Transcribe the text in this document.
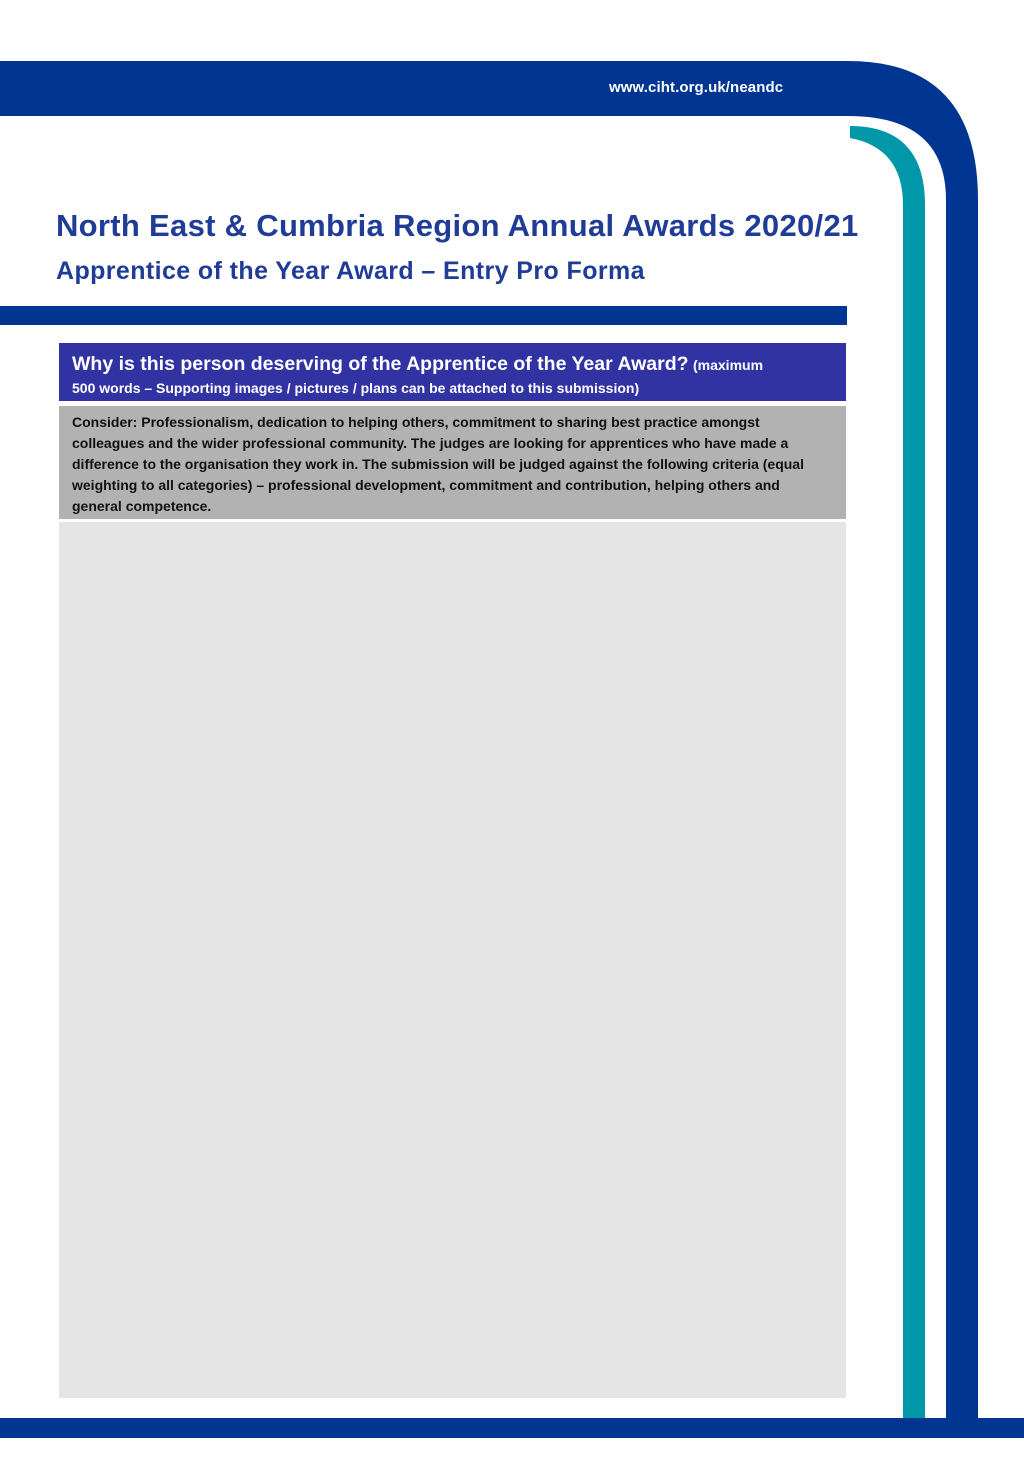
www.ciht.org.uk/neandc
North East & Cumbria Region Annual Awards 2020/21
Apprentice of the Year Award – Entry Pro Forma
Why is this person deserving of the Apprentice of the Year Award? (maximum
500 words – Supporting images / pictures / plans can be attached to this submission)
Consider: Professionalism, dedication to helping others, commitment to sharing best practice amongst colleagues and the wider professional community. The judges are looking for apprentices who have made a difference to the organisation they work in. The submission will be judged against the following criteria (equal weighting to all categories) – professional development, commitment and contribution, helping others and general competence.
